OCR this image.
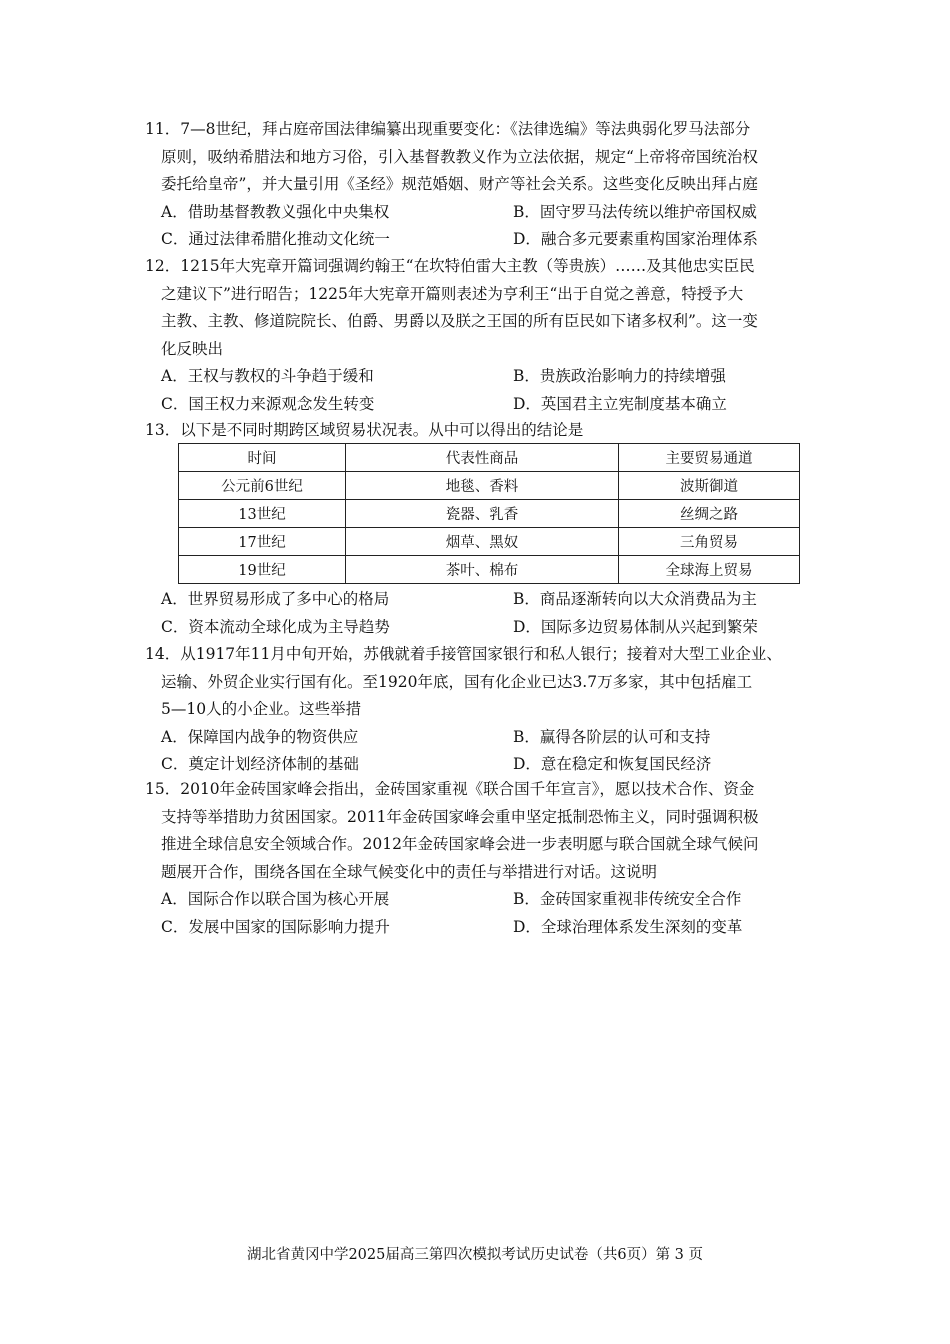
11．7—8世纪，拜占庭帝国法律编纂出现重要变化：《法律选编》等法典弱化罗马法部分

原则，吸纳希腊法和地方习俗，引入基督教教义作为立法依据，规定“上帝将帝国统治权

委托给皇帝”，并大量引用《圣经》规范婚姻、财产等社会关系。这些变化反映出拜占庭

A．借助基督教教义强化中央集权	B．固守罗马法传统以维护帝国权威
C．通过法律希腊化推动文化统一	D．融合多元要素重构国家治理体系

12．1215年大宪章开篇词强调约翰王“在坎特伯雷大主教（等贵族）……及其他忠实臣民

之建议下”进行昭告；1225年大宪章开篇则表述为亨利王“出于自觉之善意，特授予大

主教、主教、修道院院长、伯爵、男爵以及朕之王国的所有臣民如下诸多权利”。这一变

化反映出

A．王权与教权的斗争趋于缓和	B．贵族政治影响力的持续增强
C．国王权力来源观念发生转变	D．英国君主立宪制度基本确立

13．以下是不同时期跨区域贸易状况表。从中可以得出的结论是

时间	代表性商品	主要贸易通道
公元前6世纪	地毯、香料	波斯御道
13世纪	瓷器、乳香	丝绸之路
17世纪	烟草、黑奴	三角贸易
19世纪	茶叶、棉布	全球海上贸易
A．世界贸易形成了多中心的格局	B．商品逐渐转向以大众消费品为主
C．资本流动全球化成为主导趋势	D．国际多边贸易体制从兴起到繁荣

14．从1917年11月中旬开始，苏俄就着手接管国家银行和私人银行；接着对大型工业企业、

运输、外贸企业实行国有化。至1920年底，国有化企业已达3.7万多家，其中包括雇工

5—10人的小企业。这些举措

A．保障国内战争的物资供应	B．赢得各阶层的认可和支持
C．奠定计划经济体制的基础	D．意在稳定和恢复国民经济

15．2010年金砖国家峰会指出，金砖国家重视《联合国千年宣言》，愿以技术合作、资金

支持等举措助力贫困国家。2011年金砖国家峰会重申坚定抵制恐怖主义，同时强调积极

推进全球信息安全领域合作。2012年金砖国家峰会进一步表明愿与联合国就全球气候问

题展开合作，围绕各国在全球气候变化中的责任与举措进行对话。这说明

A．国际合作以联合国为核心开展	B．金砖国家重视非传统安全合作
C．发展中国家的国际影响力提升	D．全球治理体系发生深刻的变革
湖北省黄冈中学2025届高三第四次模拟考试历史试卷（共6页）第 3 页
